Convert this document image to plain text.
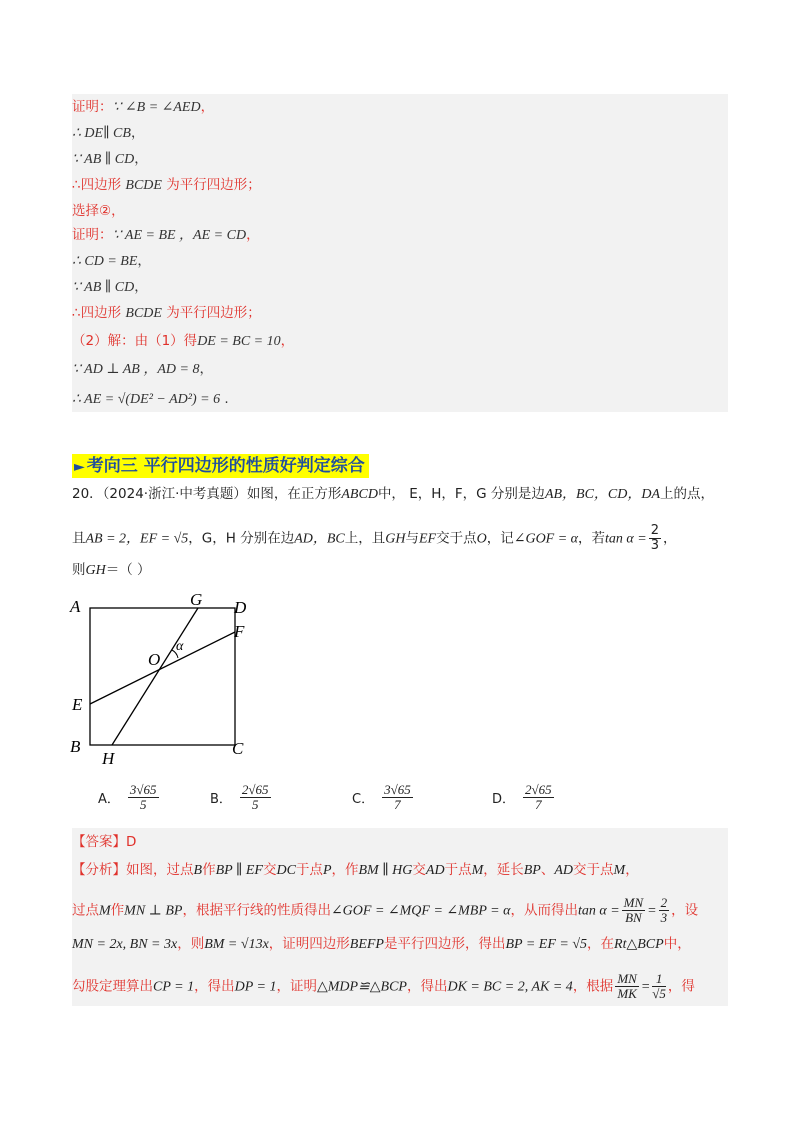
证明：∵ ∠B = ∠AED，
∴ DE∥ CB，
∵ AB ∥ CD，
∴四边形 BCDE 为平行四边形；
选择②，
证明：∵ AE = BE ，AE = CD，
∴ CD = BE，
∵ AB ∥ CD，
∴四边形 BCDE 为平行四边形；
（2）解：由（1）得DE = BC = 10，
∵ AD ⊥ AB ，AD = 8，
∴ AE = √(DE² − AD²) = 6 .
► 考向三 平行四边形的性质好判定综合
20．（2024·浙江·中考真题）如图，在正方形ABCD中， E，H，F，G 分别是边AB，BC，CD，DA上的点，
且AB = 2，EF = √5，G，H 分别在边AD，BC上，且GH与EF交于点O，记∠GOF = α，若$\tan \alpha = \frac{2}{3}$ ，
则GH＝（ ）
A
B	C
D
E
F
G
H
O
α
A． $\frac{3√65}{5}$	B． $\frac{2√65}{5}$	C． $\frac{3√65}{7}$	D． $\frac{2√65}{7}$
【答案】D
【分析】如图，过点B作BP ∥ EF交DC于点P，作BM ∥ HG交AD于点M，延长BP、AD交于点M，
过点M作MN ⊥ BP，根据平行线的性质得出∠GOF = ∠MQF = ∠MBP = α，从而得出$\tan \alpha = \frac{MN}{BN} = \frac{2}{3}$ ，设
MN = 2x, BN = 3x，则BM = √13x，证明四边形BEFP是平行四边形，得出BP = EF = √5，在Rt△BCP中，
勾股定理算出CP = 1，得出DP = 1，证明△MDP≌△BCP，得出DK = BC = 2, AK = 4，根据 $\frac{MN}{MK} = \frac{1}{√5}$ ，得
